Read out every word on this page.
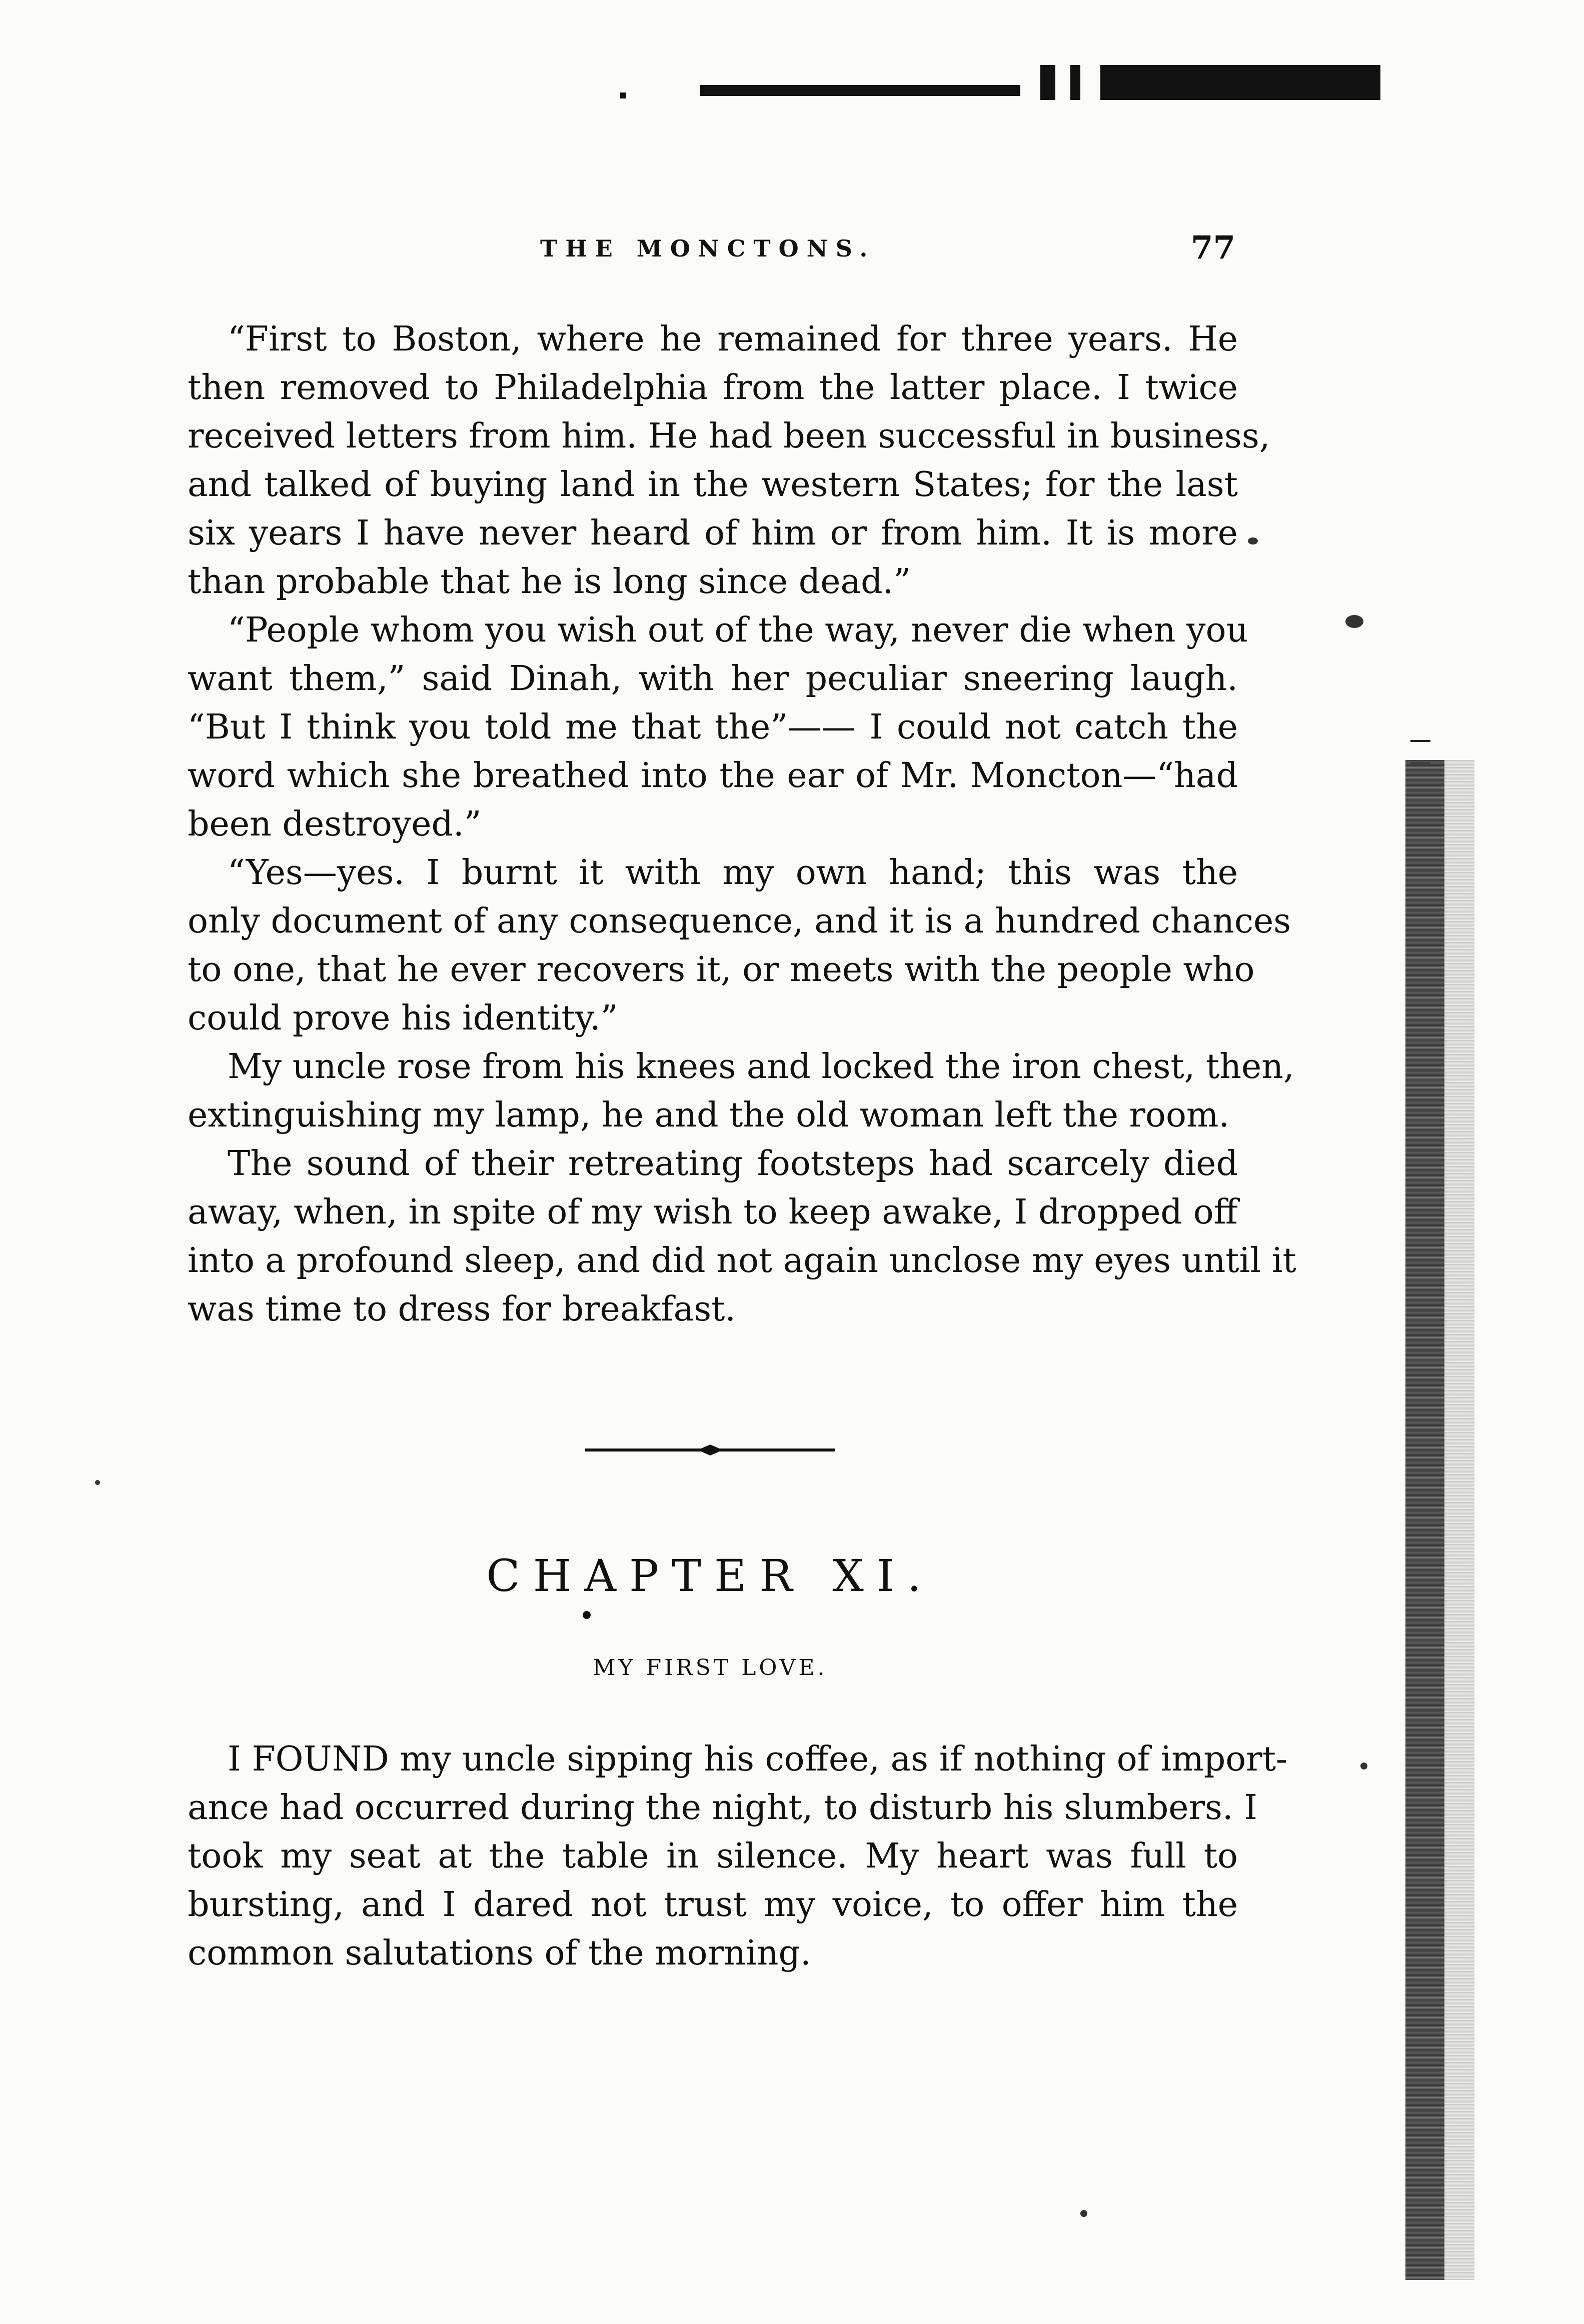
THE MONCTONS.	77
“First to Boston, where he remained for three years. He
then removed to Philadelphia from the latter place. I twice
received letters from him. He had been successful in business,
and talked of buying land in the western States; for the last
six years I have never heard of him or from him. It is more
than probable that he is long since dead.”
“People whom you wish out of the way, never die when you
want them,” said Dinah, with her peculiar sneering laugh.
“But I think you told me that the”—— I could not catch the
word which she breathed into the ear of Mr. Moncton—“had
been destroyed.”
“Yes—yes. I burnt it with my own hand; this was the
only document of any consequence, and it is a hundred chances
to one, that he ever recovers it, or meets with the people who
could prove his identity.”
My uncle rose from his knees and locked the iron chest, then,
extinguishing my lamp, he and the old woman left the room.
The sound of their retreating footsteps had scarcely died
away, when, in spite of my wish to keep awake, I dropped off
into a profound sleep, and did not again unclose my eyes until it
was time to dress for breakfast.
CHAPTER XI.
MY FIRST LOVE.
I FOUND my uncle sipping his coffee, as if nothing of import-
ance had occurred during the night, to disturb his slumbers. I
took my seat at the table in silence. My heart was full to
bursting, and I dared not trust my voice, to offer him the
common salutations of the morning.
